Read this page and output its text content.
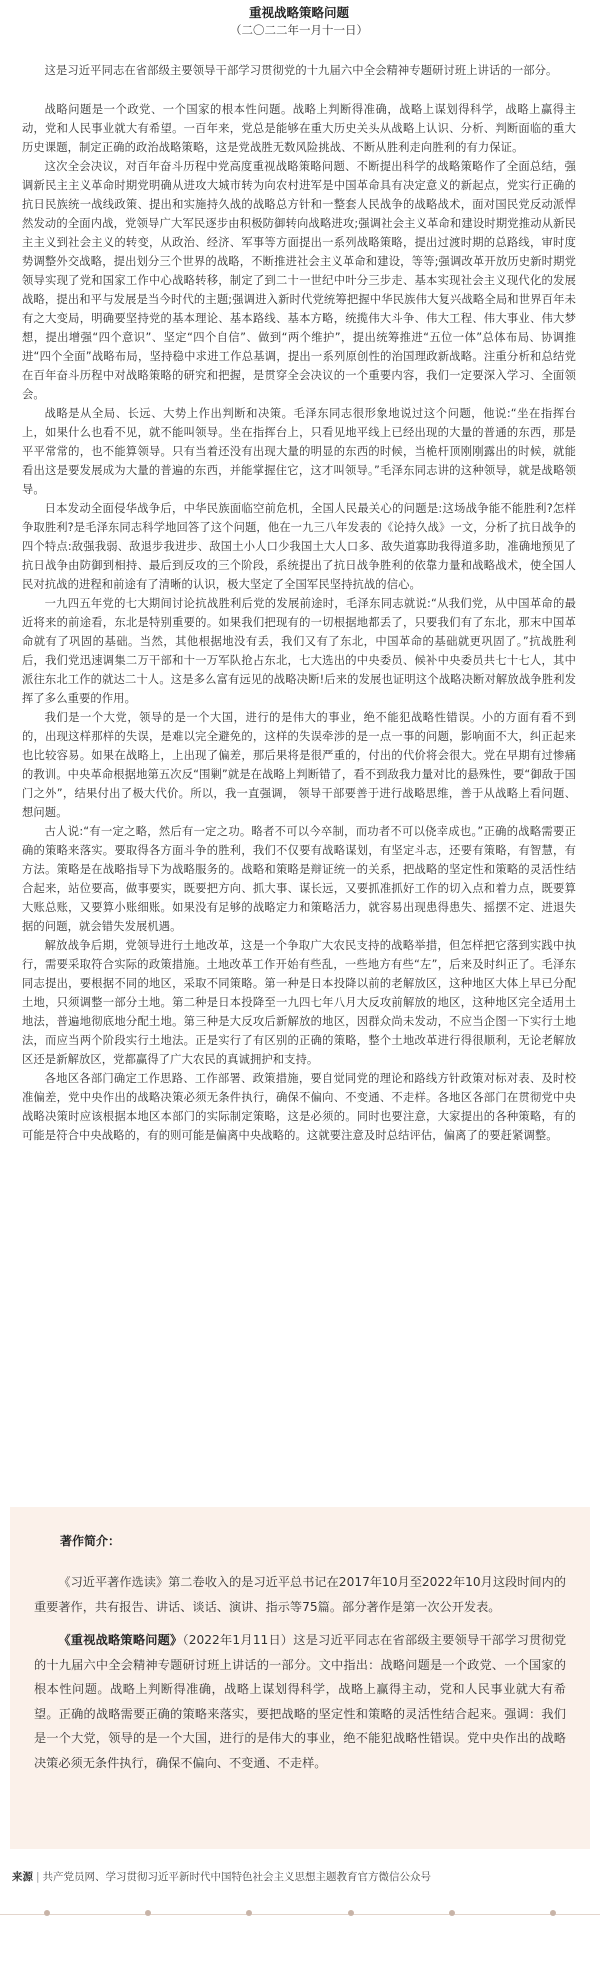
重视战略策略问题

（二〇二二年一月十一日）

这是习近平同志在省部级主要领导干部学习贯彻党的十九届六中全会精神专题研讨班上讲话的一部分。

战略问题是一个政党、一个国家的根本性问题。战略上判断得准确，战略上谋划得科学，战略上赢得主动，党和人民事业就大有希望。一百年来，党总是能够在重大历史关头从战略上认识、分析、判断面临的重大历史课题，制定正确的政治战略策略，这是党战胜无数风险挑战、不断从胜利走向胜利的有力保证。

这次全会决议，对百年奋斗历程中党高度重视战略策略问题、不断提出科学的战略策略作了全面总结，强调新民主主义革命时期党明确从进攻大城市转为向农村进军是中国革命具有决定意义的新起点，党实行正确的抗日民族统一战线政策、提出和实施持久战的战略总方针和一整套人民战争的战略战术，面对国民党反动派悍然发动的全面内战，党领导广大军民逐步由积极防御转向战略进攻;强调社会主义革命和建设时期党推动从新民主主义到社会主义的转变，从政治、经济、军事等方面提出一系列战略策略，提出过渡时期的总路线，审时度势调整外交战略，提出划分三个世界的战略，不断推进社会主义革命和建设，等等;强调改革开放历史新时期党领导实现了党和国家工作中心战略转移，制定了到二十一世纪中叶分三步走、基本实现社会主义现代化的发展战略，提出和平与发展是当今时代的主题;强调进入新时代党统筹把握中华民族伟大复兴战略全局和世界百年未有之大变局，明确要坚持党的基本理论、基本路线、基本方略，统揽伟大斗争、伟大工程、伟大事业、伟大梦想，提出增强“四个意识”、坚定“四个自信”、做到“两个维护”，提出统筹推进“五位一体”总体布局、协调推进“四个全面”战略布局，坚持稳中求进工作总基调，提出一系列原创性的治国理政新战略。注重分析和总结党在百年奋斗历程中对战略策略的研究和把握，是贯穿全会决议的一个重要内容，我们一定要深入学习、全面领会。

战略是从全局、长远、大势上作出判断和决策。毛泽东同志很形象地说过这个问题，他说:“坐在指挥台上，如果什么也看不见，就不能叫领导。坐在指挥台上，只看见地平线上已经出现的大量的普通的东西，那是平平常常的，也不能算领导。只有当着还没有出现大量的明显的东西的时候，当桅杆顶刚刚露出的时候，就能看出这是要发展成为大量的普遍的东西，并能掌握住它，这才叫领导。”毛泽东同志讲的这种领导，就是战略领导。

日本发动全面侵华战争后，中华民族面临空前危机，全国人民最关心的问题是:这场战争能不能胜利?怎样争取胜利?是毛泽东同志科学地回答了这个问题，他在一九三八年发表的《论持久战》一文，分析了抗日战争的四个特点:敌强我弱、敌退步我进步、敌国土小人口少我国土大人口多、敌失道寡助我得道多助，准确地预见了抗日战争由防御到相持、最后到反攻的三个阶段，系统提出了抗日战争胜利的依靠力量和战略战术，使全国人民对抗战的进程和前途有了清晰的认识，极大坚定了全国军民坚持抗战的信心。

一九四五年党的七大期间讨论抗战胜利后党的发展前途时，毛泽东同志就说:“从我们党，从中国革命的最近将来的前途看，东北是特别重要的。如果我们把现有的一切根据地都丢了，只要我们有了东北，那末中国革命就有了巩固的基础。当然，其他根据地没有丢，我们又有了东北，中国革命的基础就更巩固了。”抗战胜利后，我们党迅速调集二万干部和十一万军队抢占东北，七大选出的中央委员、候补中央委员共七十七人，其中派往东北工作的就达二十人。这是多么富有远见的战略决断!后来的发展也证明这个战略决断对解放战争胜利发挥了多么重要的作用。

我们是一个大党，领导的是一个大国，进行的是伟大的事业，绝不能犯战略性错误。小的方面有看不到的，出现这样那样的失误，是难以完全避免的，这样的失误牵涉的是一点一事的问题，影响面不大，纠正起来也比较容易。如果在战略上，上出现了偏差，那后果将是很严重的，付出的代价将会很大。党在早期有过惨痛的教训。中央革命根据地第五次反“围剿”就是在战略上判断错了，看不到敌我力量对比的悬殊性，要“御敌于国门之外”，结果付出了极大代价。所以，我一直强调， 领导干部要善于进行战略思维，善于从战略上看问题、想问题。

古人说:“有一定之略，然后有一定之功。略者不可以今卒制，而功者不可以侥幸成也。”正确的战略需要正确的策略来落实。要取得各方面斗争的胜利，我们不仅要有战略谋划，有坚定斗志，还要有策略，有智慧，有方法。策略是在战略指导下为战略服务的。战略和策略是辩证统一的关系，把战略的坚定性和策略的灵活性结合起来，站位要高，做事要实，既要把方向、抓大事、谋长远，又要抓准抓好工作的切入点和着力点，既要算大账总账，又要算小账细账。如果没有足够的战略定力和策略活力，就容易出现患得患失、摇摆不定、进退失据的问题，就会错失发展机遇。

解放战争后期，党领导进行土地改革，这是一个争取广大农民支持的战略举措，但怎样把它落到实践中执行，需要采取符合实际的政策措施。土地改革工作开始有些乱，一些地方有些“左”，后来及时纠正了。毛泽东同志提出，要根据不同的地区，采取不同策略。第一种是日本投降以前的老解放区，这种地区大体上早已分配土地，只须调整一部分土地。第二种是日本投降至一九四七年八月大反攻前解放的地区，这种地区完全适用土地法，普遍地彻底地分配土地。第三种是大反攻后新解放的地区，因群众尚未发动，不应当企图一下实行土地法，而应当两个阶段实行土地法。正是实行了有区别的正确的策略，整个土地改革进行得很顺利，无论老解放区还是新解放区，党都赢得了广大农民的真诚拥护和支持。

各地区各部门确定工作思路、工作部署、政策措施，要自觉同党的理论和路线方针政策对标对表、及时校准偏差，党中央作出的战略决策必须无条件执行，确保不偏向、不变通、不走样。各地区各部门在贯彻党中央战略决策时应该根据本地区本部门的实际制定策略，这是必须的。同时也要注意，大家提出的各种策略，有的可能是符合中央战略的，有的则可能是偏离中央战略的。这就要注意及时总结评估，偏离了的要赶紧调整。

著作简介：

《习近平著作选读》第二卷收入的是习近平总书记在2017年10月至2022年10月这段时间内的重要著作，共有报告、讲话、谈话、演讲、指示等75篇。部分著作是第一次公开发表。

《重视战略策略问题》（2022年1月11日）这是习近平同志在省部级主要领导干部学习贯彻党的十九届六中全会精神专题研讨班上讲话的一部分。文中指出：战略问题是一个政党、一个国家的根本性问题。战略上判断得准确，战略上谋划得科学，战略上赢得主动，党和人民事业就大有希望。正确的战略需要正确的策略来落实，要把战略的坚定性和策略的灵活性结合起来。强调：我们是一个大党，领导的是一个大国，进行的是伟大的事业，绝不能犯战略性错误。党中央作出的战略决策必须无条件执行，确保不偏向、不变通、不走样。

来源 | 共产党员网、学习贯彻习近平新时代中国特色社会主义思想主题教育官方微信公众号
